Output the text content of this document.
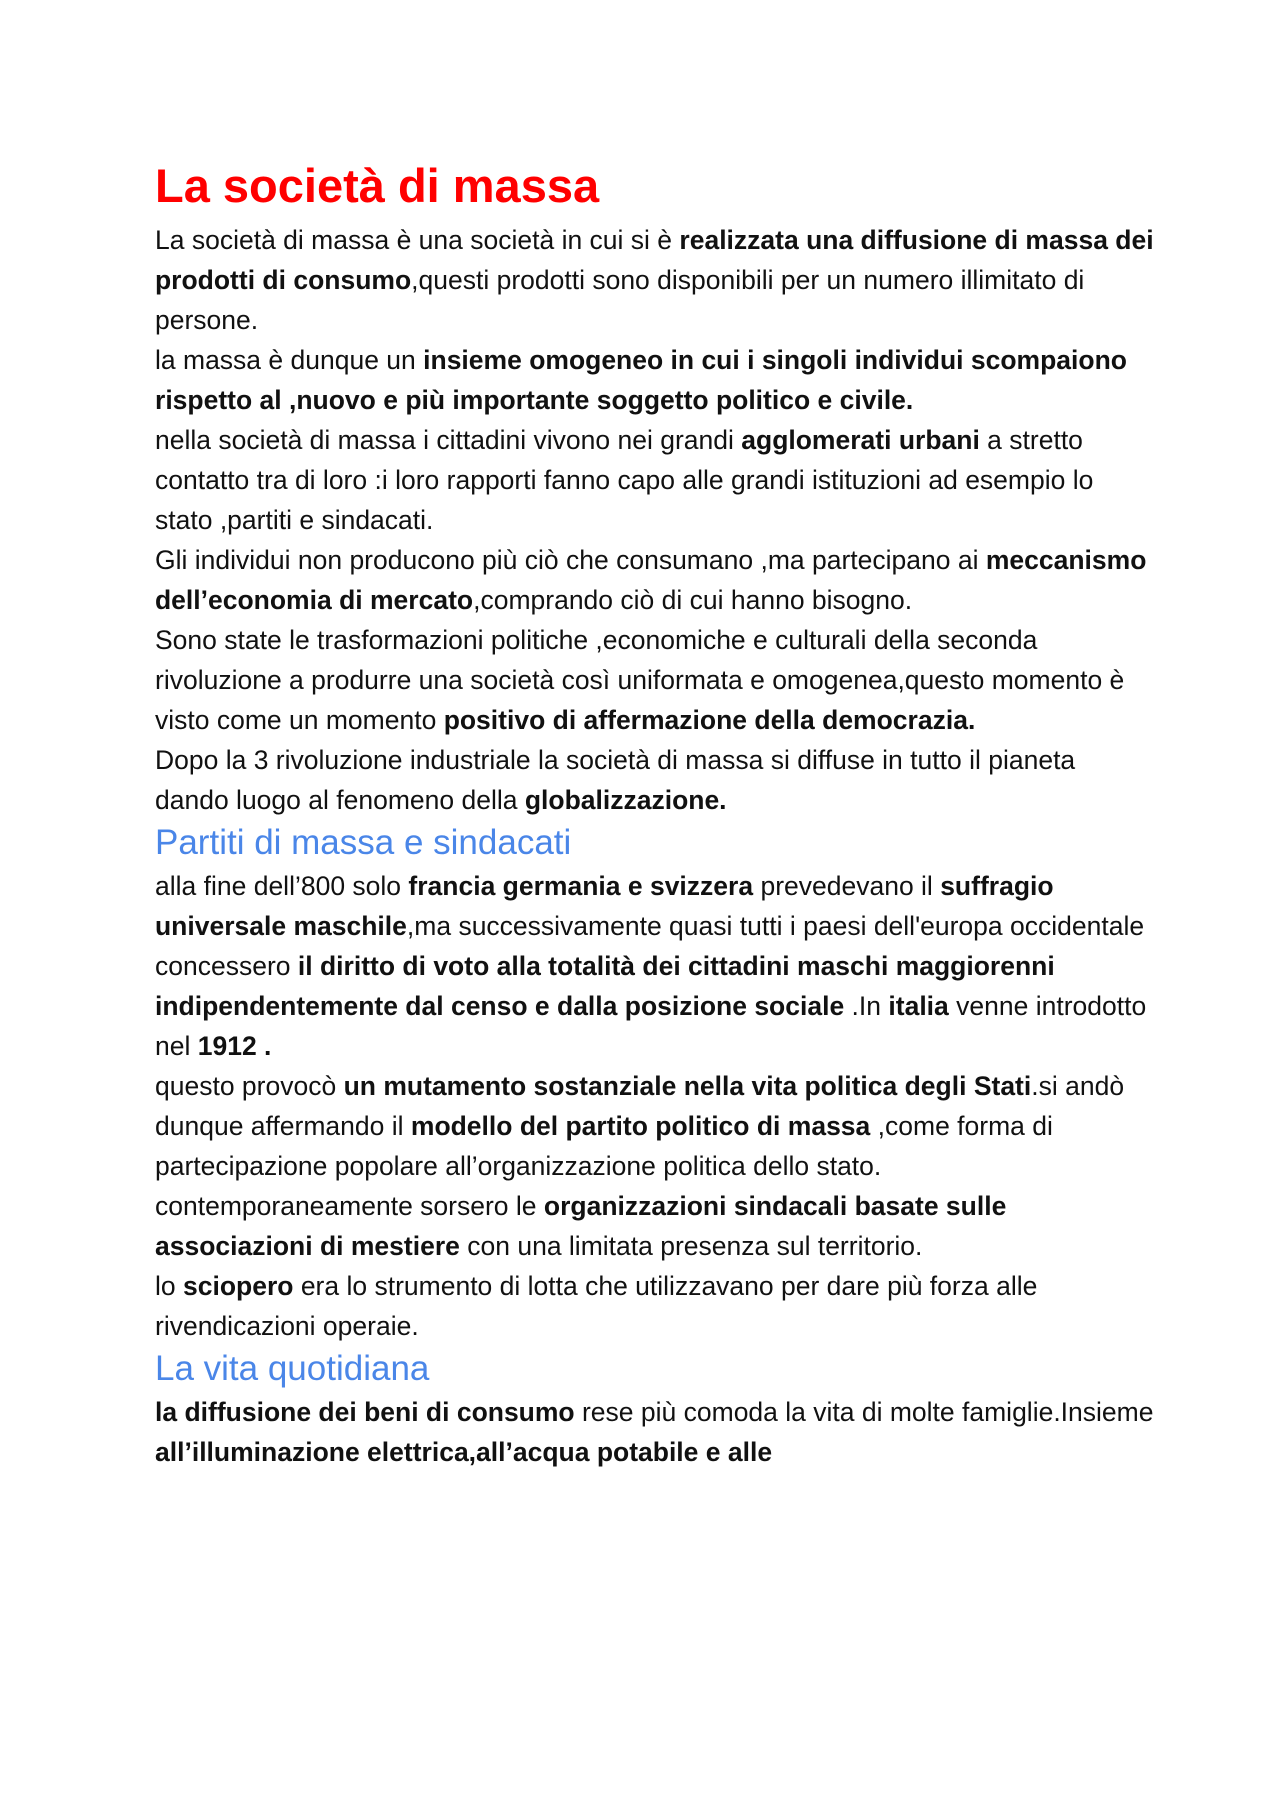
La società di massa

La società di massa è una società in cui si è realizzata una diffusione di massa dei prodotti di consumo,questi prodotti sono disponibili per un numero illimitato di persone.

la massa è dunque un insieme omogeneo in cui i singoli individui scompaiono rispetto al ,nuovo e più importante soggetto politico e civile.

nella società di massa i cittadini vivono nei grandi agglomerati urbani a stretto contatto tra di loro :i loro rapporti fanno capo alle grandi istituzioni ad esempio lo stato ,partiti e sindacati.

Gli individui non producono più ciò che consumano ,ma partecipano ai meccanismo dell’economia di mercato,comprando ciò di cui hanno bisogno.

Sono state le trasformazioni politiche ,economiche e culturali della seconda rivoluzione a produrre una società così uniformata e omogenea,questo momento è visto come un momento positivo di affermazione della democrazia.

Dopo la 3 rivoluzione industriale la società di massa si diffuse in tutto il pianeta dando luogo al fenomeno della globalizzazione.

Partiti di massa e sindacati

alla fine dell’800 solo francia germania e svizzera prevedevano il suffragio universale maschile,ma successivamente quasi tutti i paesi dell'europa occidentale concessero il diritto di voto alla totalità dei cittadini maschi maggiorenni indipendentemente dal censo e dalla posizione sociale .In italia venne introdotto nel 1912 .

questo provocò un mutamento sostanziale nella vita politica degli Stati.si andò dunque affermando il modello del partito politico di massa ,come forma di partecipazione popolare all’organizzazione politica dello stato.

contemporaneamente sorsero le organizzazioni sindacali basate sulle associazioni di mestiere con una limitata presenza sul territorio.

lo sciopero era lo strumento di lotta che utilizzavano per dare più forza alle rivendicazioni operaie.

La vita quotidiana

la diffusione dei beni di consumo rese più comoda la vita di molte famiglie.Insieme all’illuminazione elettrica,all’acqua potabile e alle
